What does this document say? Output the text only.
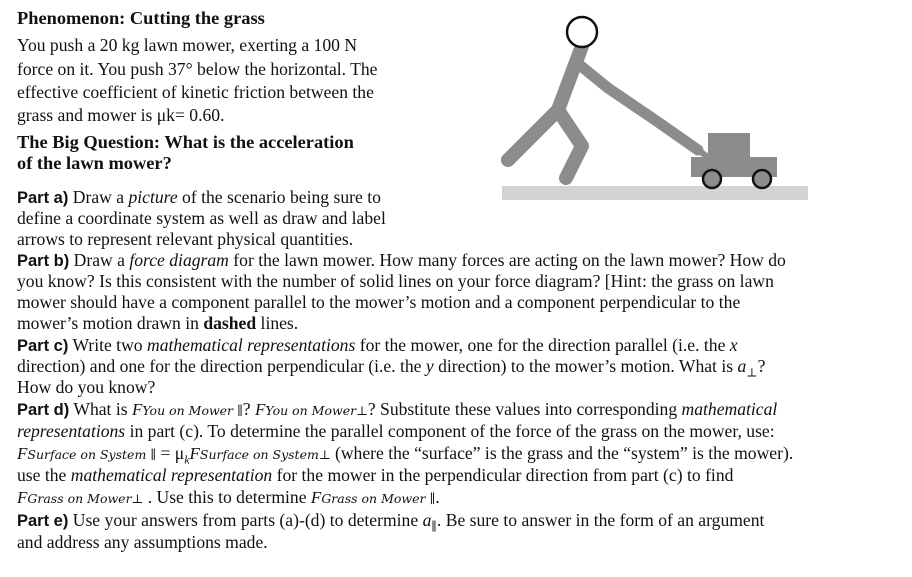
Phenomenon: Cutting the grass
You push a 20 kg lawn mower, exerting a 100 N
force on it. You push 37° below the horizontal. The
effective coefficient of kinetic friction between the
grass and mower is μk= 0.60.
The Big Question: What is the acceleration
of the lawn mower?
Part a) Draw a picture of the scenario being sure to
define a coordinate system as well as draw and label
arrows to represent relevant physical quantities.
Part b) Draw a force diagram for the lawn mower. How many forces are acting on the lawn mower? How do
you know? Is this consistent with the number of solid lines on your force diagram? [Hint: the grass on lawn
mower should have a component parallel to the mower’s motion and a component perpendicular to the
mower’s motion drawn in dashed lines.
Part c) Write two mathematical representations for the mower, one for the direction parallel (i.e. the x
direction) and one for the direction perpendicular (i.e. the y direction) to the mower’s motion. What is $a_\perp$?
How do you know?
Part d) What is FYou on Mower ∥? FYou on Mower⊥? Substitute these values into corresponding mathematical
representations in part (c). To determine the parallel component of the force of the grass on the mower, use:
FSurface on System ∥ = $\mu_kFSurface$ on System⊥ (where the “surface” is the grass and the “system” is the mower).
use the mathematical representation for the mower in the perpendicular direction from part (c) to find
FGrass on Mower⊥ . Use this to determine FGrass on Mower ∥.
Part e) Use your answers from parts (a)-(d) to determine $a_\parallel$. Be sure to answer in the form of an argument
and address any assumptions made.
